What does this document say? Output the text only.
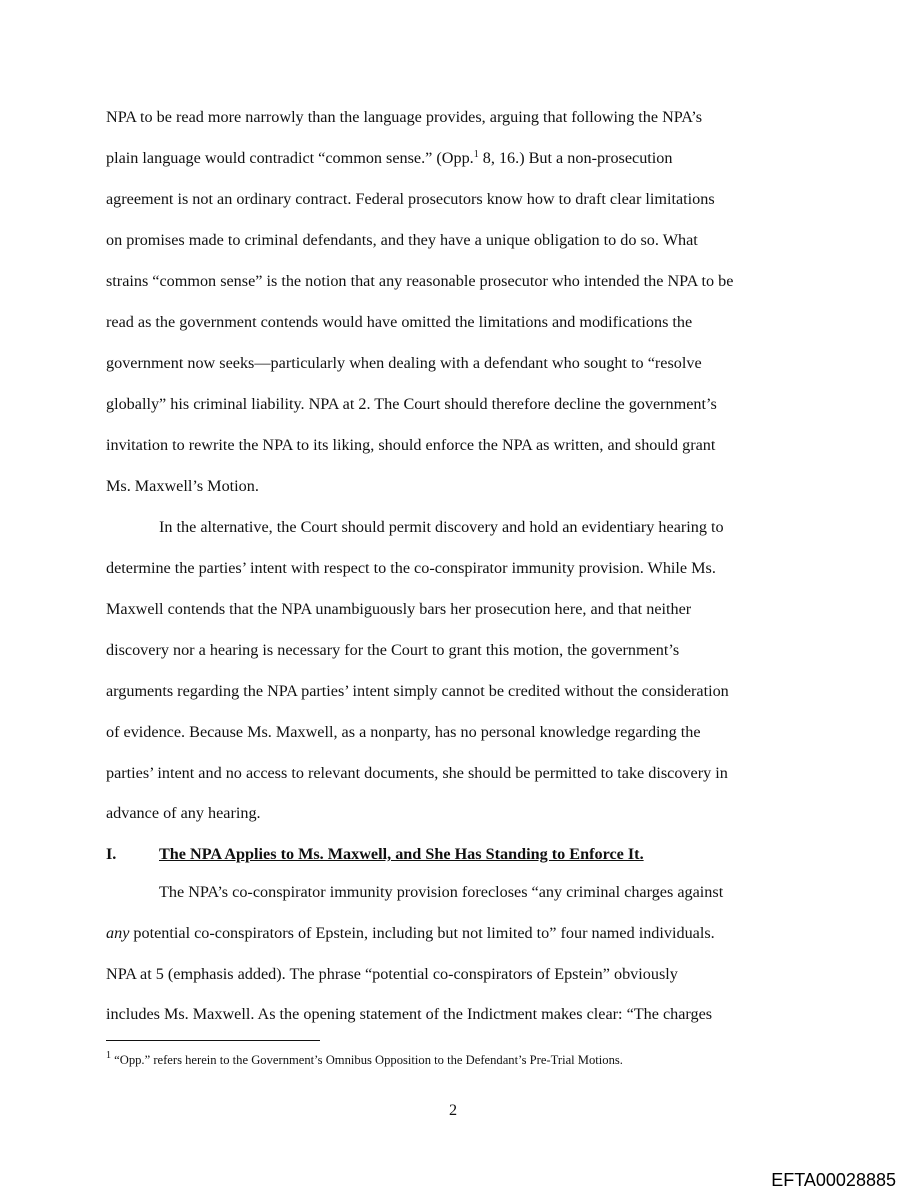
NPA to be read more narrowly than the language provides, arguing that following the NPA’s
plain language would contradict “common sense.” (Opp.$^1$ 8, 16.) But a non-prosecution
agreement is not an ordinary contract. Federal prosecutors know how to draft clear limitations
on promises made to criminal defendants, and they have a unique obligation to do so. What
strains “common sense” is the notion that any reasonable prosecutor who intended the NPA to be
read as the government contends would have omitted the limitations and modifications the
government now seeks—particularly when dealing with a defendant who sought to “resolve
globally” his criminal liability. NPA at 2. The Court should therefore decline the government’s
invitation to rewrite the NPA to its liking, should enforce the NPA as written, and should grant
Ms. Maxwell’s Motion.
In the alternative, the Court should permit discovery and hold an evidentiary hearing to
determine the parties’ intent with respect to the co-conspirator immunity provision. While Ms.
Maxwell contends that the NPA unambiguously bars her prosecution here, and that neither
discovery nor a hearing is necessary for the Court to grant this motion, the government’s
arguments regarding the NPA parties’ intent simply cannot be credited without the consideration
of evidence. Because Ms. Maxwell, as a nonparty, has no personal knowledge regarding the
parties’ intent and no access to relevant documents, she should be permitted to take discovery in
advance of any hearing.
I.	The NPA Applies to Ms. Maxwell, and She Has Standing to Enforce It.
The NPA’s co-conspirator immunity provision forecloses “any criminal charges against
any potential co-conspirators of Epstein, including but not limited to” four named individuals.
NPA at 5 (emphasis added). The phrase “potential co-conspirators of Epstein” obviously
includes Ms. Maxwell. As the opening statement of the Indictment makes clear: “The charges
$^1$ “Opp.” refers herein to the Government’s Omnibus Opposition to the Defendant’s Pre-Trial Motions.
2
EFTA00028885
